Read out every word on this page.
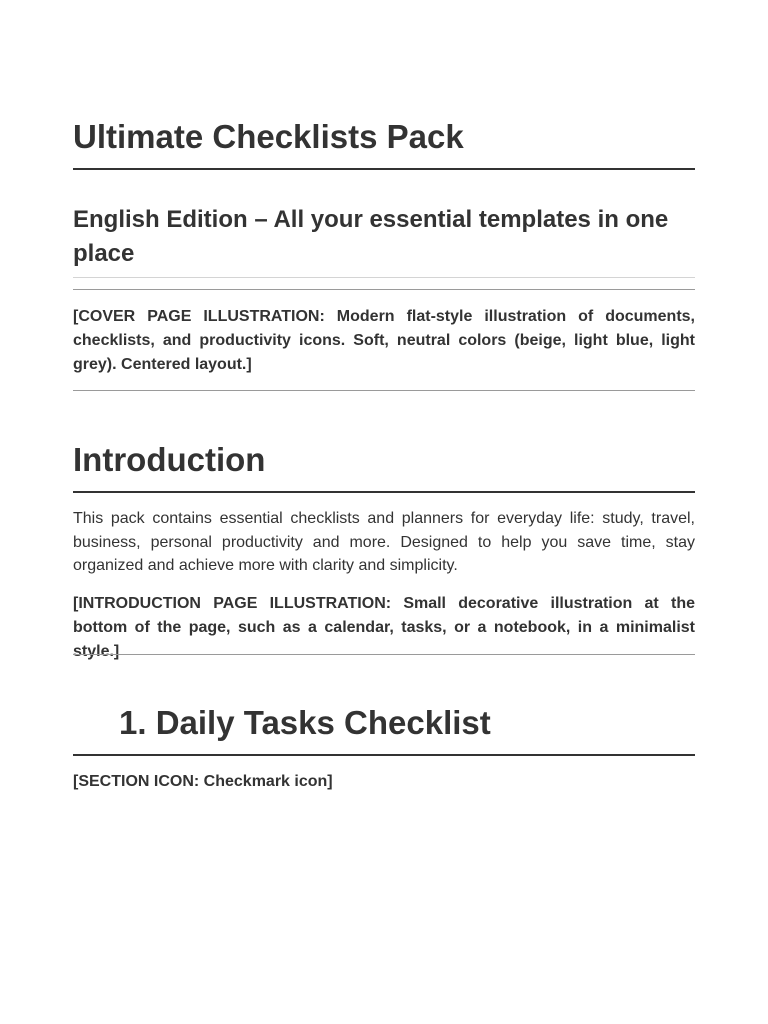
Ultimate Checklists Pack
English Edition – All your essential templates in one place

[COVER PAGE ILLUSTRATION: Modern flat-style illustration of documents, checklists, and productivity icons. Soft, neutral colors (beige, light blue, light grey). Centered layout.]

Introduction

This pack contains essential checklists and planners for everyday life: study, travel, business, personal productivity and more. Designed to help you save time, stay organized and achieve more with clarity and simplicity.

[INTRODUCTION PAGE ILLUSTRATION: Small decorative illustration at the bottom of the page, such as a calendar, tasks, or a notebook, in a minimalist style.]

1. Daily Tasks Checklist

[SECTION ICON: Checkmark icon]
